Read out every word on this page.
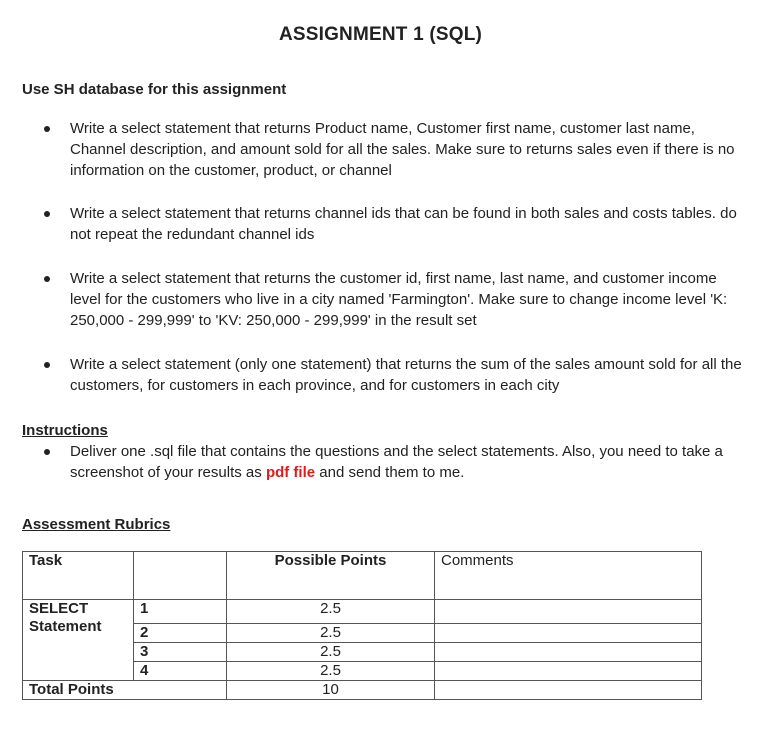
ASSIGNMENT 1 (SQL)
Use SH database for this assignment
Write a select statement that returns Product name, Customer first name, customer last name, Channel description, and amount sold for all the sales. Make sure to returns sales even if there is no information on the customer, product, or channel
Write a select statement that returns channel ids that can be found in both sales and costs tables. do not repeat the redundant channel ids
Write a select statement that returns the customer id, first name, last name, and customer income level for the customers who live in a city named 'Farmington'. Make sure to change income level 'K: 250,000 - 299,999' to 'KV: 250,000 - 299,999' in the result set
Write a select statement (only one statement) that returns the sum of the sales amount sold for all the customers, for customers in each province, and for customers in each city
Instructions
Deliver one .sql file that contains the questions and the select statements. Also, you need to take a screenshot of your results as pdf file and send them to me.
Assessment Rubrics
Task		Possible Points	Comments
SELECT Statement	1	2.5	
	2	2.5	
	3	2.5	
	4	2.5	
Total Points		10	
